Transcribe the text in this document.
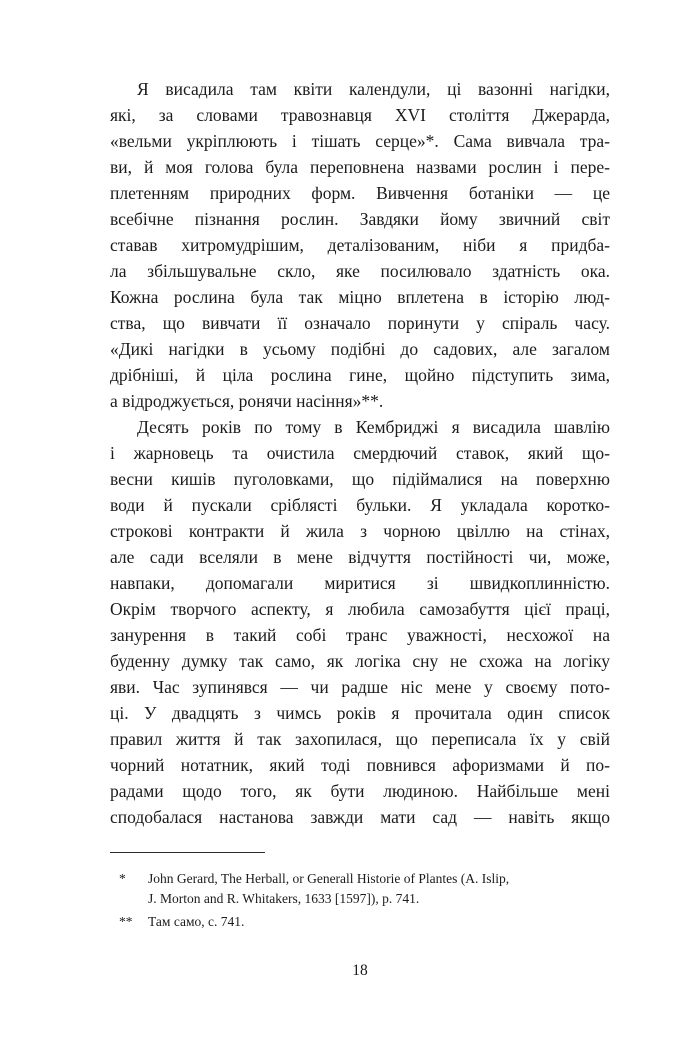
Я висадила там квіти календули, ці вазонні нагідки,
які, за словами травознавця XVI століття Джерарда,
«вельми укріплюють і тішать серце»*. Сама вивчала тра-
ви, й моя голова була переповнена назвами рослин і пере-
плетенням природних форм. Вивчення ботаніки — це
всебічне пізнання рослин. Завдяки йому звичний світ
ставав хитромудрішим, деталізованим, ніби я придба-
ла збільшувальне скло, яке посилювало здатність ока.
Кожна рослина була так міцно вплетена в історію люд-
ства, що вивчати її означало поринути у спіраль часу.
«Дикі нагідки в усьому подібні до садових, але загалом
дрібніші, й ціла рослина гине, щойно підступить зима,
а відроджується, ронячи насіння»**.
Десять років по тому в Кембриджі я висадила шавлію
і жарновець та очистила смердючий ставок, який що-
весни кишів пуголовками, що підіймалися на поверхню
води й пускали сріблясті бульки. Я укладала коротко-
строкові контракти й жила з чорною цвіллю на стінах,
але сади вселяли в мене відчуття постійності чи, може,
навпаки, допомагали миритися зі швидкоплинністю.
Окрім творчого аспекту, я любила самозабуття цієї праці,
занурення в такий собі транс уважності, несхожої на
буденну думку так само, як логіка сну не схожа на логіку
яви. Час зупинявся — чи радше ніс мене у своєму пото-
ці. У двадцять з чимсь років я прочитала один список
правил життя й так захопилася, що переписала їх у свій
чорний нотатник, який тоді повнився афоризмами й по-
радами щодо того, як бути людиною. Найбільше мені
сподобалася настанова завжди мати сад — навіть якщо
*	John Gerard, The Herball, or Generall Historie of Plantes (A. Islip,
J. Morton and R. Whitakers, 1633 [1597]), p. 741.
**	Там само, с. 741.
18
